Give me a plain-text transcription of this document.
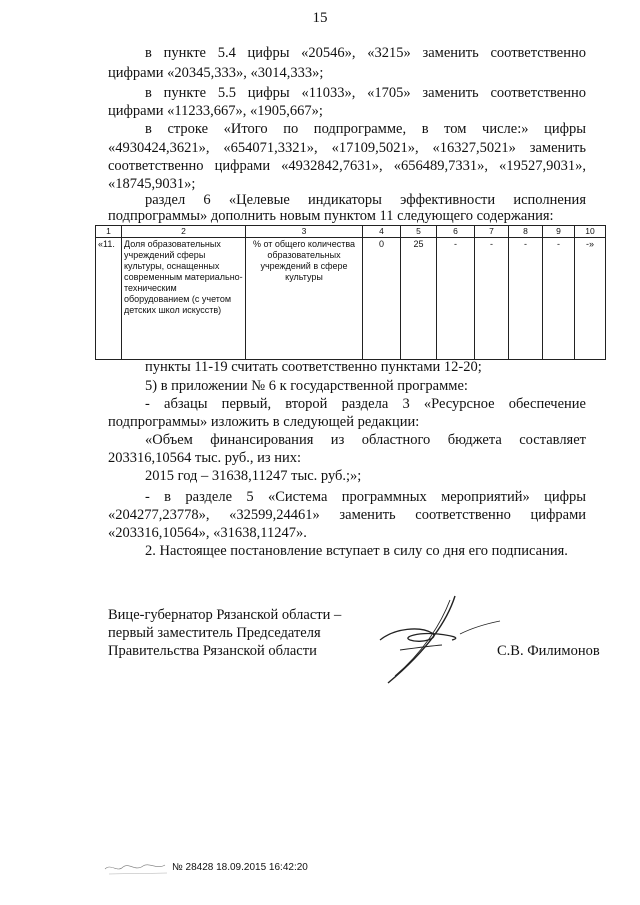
15
в пункте 5.4 цифры «20546», «3215» заменить соответственно
цифрами «20345,333», «3014,333»;
в пункте 5.5 цифры «11033», «1705» заменить соответственно
цифрами «11233,667», «1905,667»;
в строке «Итого по подпрограмме, в том числе:» цифры
«4930424,3621», «654071,3321», «17109,5021», «16327,5021» заменить
соответственно цифрами «4932842,7631», «656489,7331», «19527,9031»,
«18745,9031»;
раздел 6 «Целевые индикаторы эффективности исполнения
подпрограммы» дополнить новым пунктом 11 следующего содержания:
1	2	3	4	5	6	7	8	9	10
«11.	Доля образовательных учреждений сферы культуры, оснащенных современным материально-техническим оборудованием (с учетом детских школ искусств)	% от общего количества образовательных учреждений в сфере культуры	0	25	-	-	-	-	-»
пункты 11-19 считать соответственно пунктами 12-20;
5) в приложении № 6 к государственной программе:
- абзацы первый, второй раздела 3 «Ресурсное обеспечение
подпрограммы» изложить в следующей редакции:
«Объем финансирования из областного бюджета составляет
203316,10564 тыс. руб., из них:
2015 год – 31638,11247 тыс. руб.;»;
- в разделе 5 «Система программных мероприятий» цифры
«204277,23778», «32599,24461» заменить соответственно цифрами
«203316,10564», «31638,11247».
2. Настоящее постановление вступает в силу со дня его подписания.
Вице-губернатор Рязанской области –
первый заместитель Председателя
Правительства Рязанской области	С.В. Филимонов
№ 28428 18.09.2015 16:42:20
